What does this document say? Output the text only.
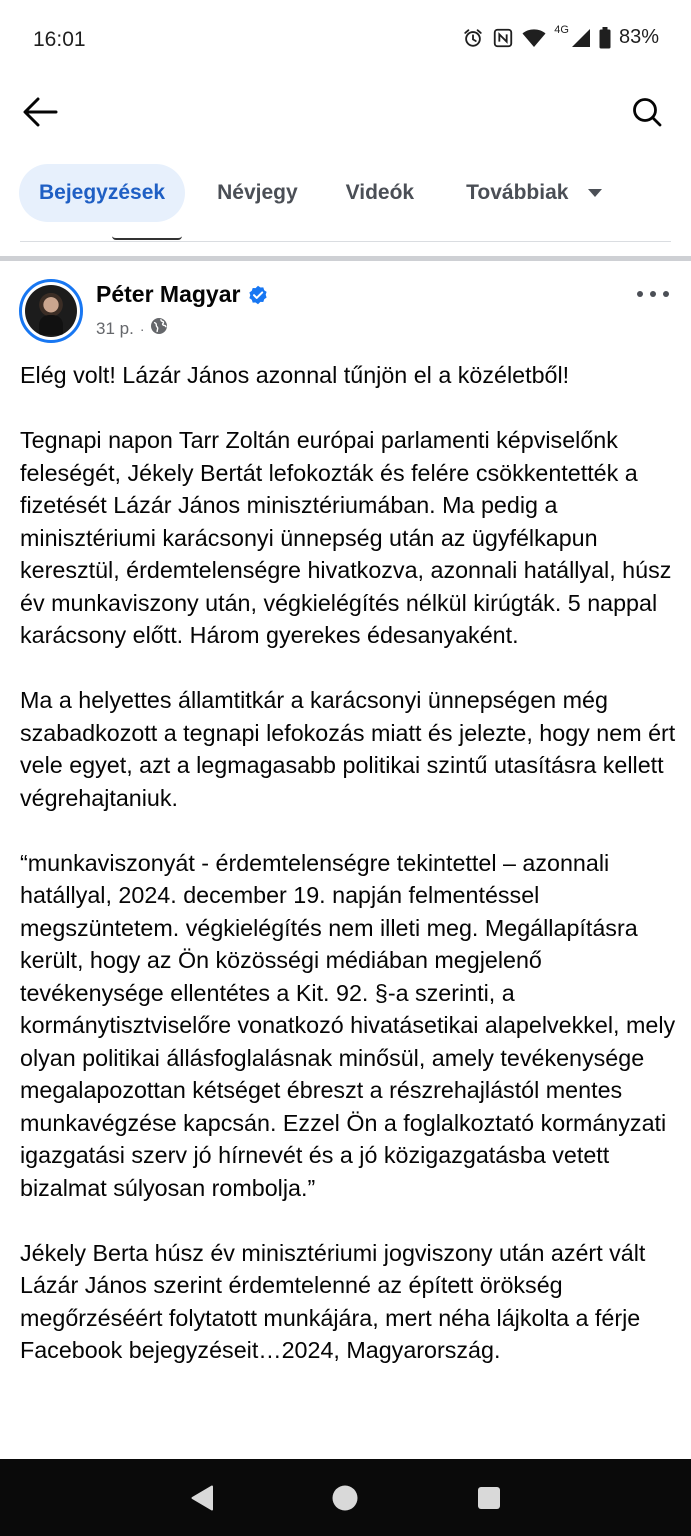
16:01	4G	83%
Bejegyzések	Névjegy	Videók	Továbbiak
Péter Magyar
31 p. ·

Elég volt! Lázár János azonnal tűnjön el a közéletből!

Tegnapi napon Tarr Zoltán európai parlamenti képviselőnk feleségét, Jékely Bertát lefokozták és felére csökkentették a fizetését Lázár János minisztériumában. Ma pedig a minisztériumi karácsonyi ünnepség után az ügyfélkapun keresztül, érdemtelenségre hivatkozva, azonnali hatállyal, húsz év munkaviszony után, végkielégítés nélkül kirúgták. 5 nappal karácsony előtt. Három gyerekes édesanyaként.

Ma a helyettes államtitkár a karácsonyi ünnepségen még szabadkozott a tegnapi lefokozás miatt és jelezte, hogy nem ért vele egyet, azt a legmagasabb politikai szintű utasításra kellett végrehajtaniuk.

“munkaviszonyát - érdemtelenségre tekintettel – azonnali hatállyal, 2024. december 19. napján felmentéssel megszüntetem. végkielégítés nem illeti meg. Megállapításra került, hogy az Ön közösségi médiában megjelenő tevékenysége ellentétes a Kit. 92. §-a szerinti, a kormánytisztviselőre vonatkozó hivatásetikai alapelvekkel, mely olyan politikai állásfoglalásnak minősül, amely tevékenysége megalapozottan kétséget ébreszt a részrehajlástól mentes munkavégzése kapcsán. Ezzel Ön a foglalkoztató kormányzati igazgatási szerv jó hírnevét és a jó közigazgatásba vetett bizalmat súlyosan rombolja.”

Jékely Berta húsz év minisztériumi jogviszony után azért vált Lázár János szerint érdemtelenné az épített örökség megőrzéséért folytatott munkájára, mert néha lájkolta a férje Facebook bejegyzéseit…2024, Magyarország.
